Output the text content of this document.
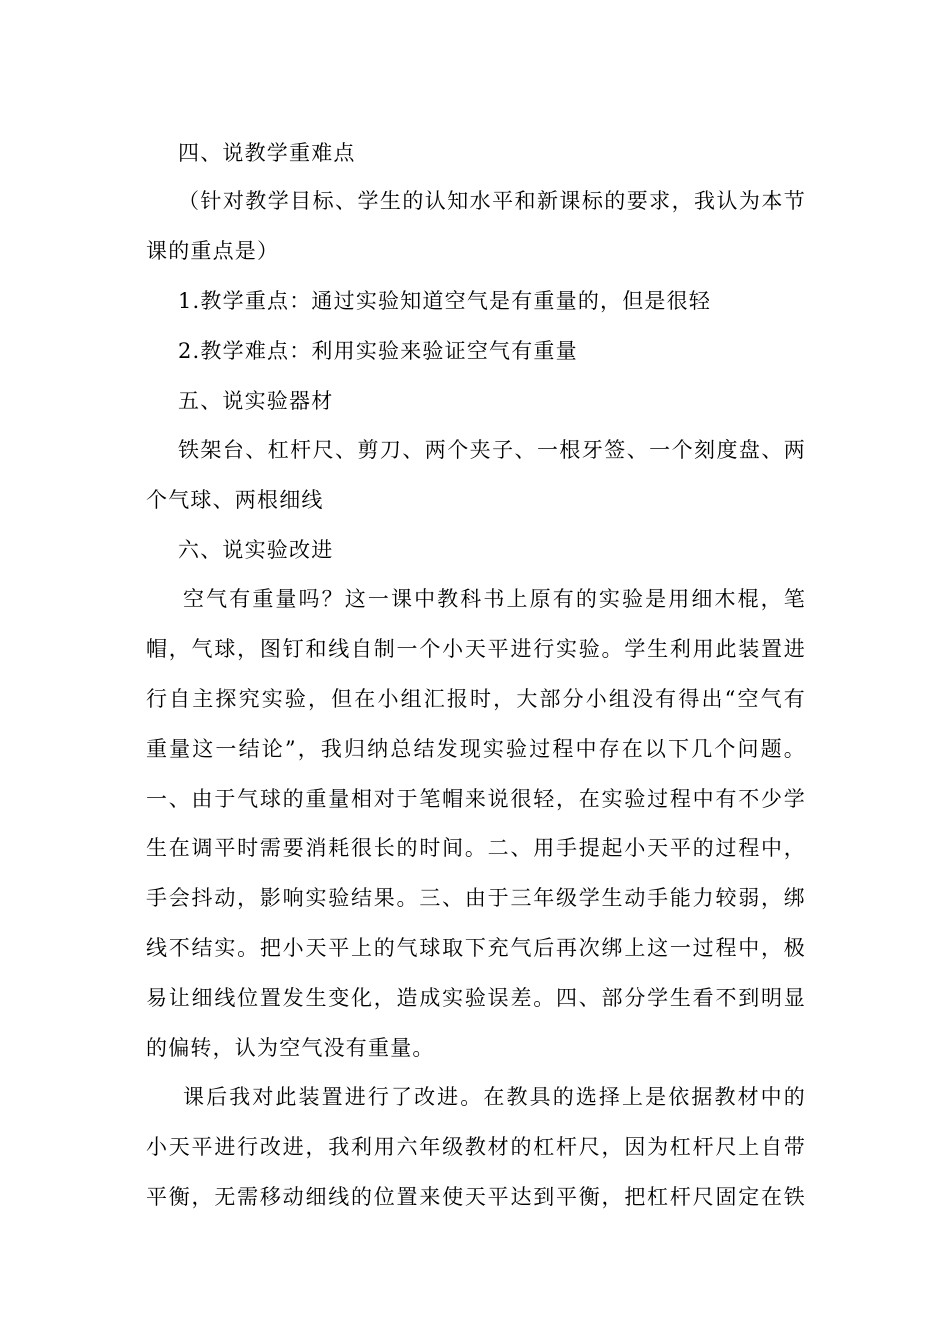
四、说教学重难点
（针对教学目标、学生的认知水平和新课标的要求，我认为本节
课的重点是）
1.教学重点：通过实验知道空气是有重量的，但是很轻
2.教学难点：利用实验来验证空气有重量
五、说实验器材
铁架台、杠杆尺、剪刀、两个夹子、一根牙签、一个刻度盘、两
个气球、两根细线
六、说实验改进
空气有重量吗？这一课中教科书上原有的实验是用细木棍，笔
帽，气球，图钉和线自制一个小天平进行实验。学生利用此装置进
行自主探究实验，但在小组汇报时，大部分小组没有得出“空气有
重量这一结论”，我归纳总结发现实验过程中存在以下几个问题。
一、由于气球的重量相对于笔帽来说很轻，在实验过程中有不少学
生在调平时需要消耗很长的时间。二、用手提起小天平的过程中，
手会抖动，影响实验结果。三、由于三年级学生动手能力较弱，绑
线不结实。把小天平上的气球取下充气后再次绑上这一过程中，极
易让细线位置发生变化，造成实验误差。四、部分学生看不到明显
的偏转，认为空气没有重量。
课后我对此装置进行了改进。在教具的选择上是依据教材中的
小天平进行改进，我利用六年级教材的杠杆尺，因为杠杆尺上自带
平衡，无需移动细线的位置来使天平达到平衡，把杠杆尺固定在铁
